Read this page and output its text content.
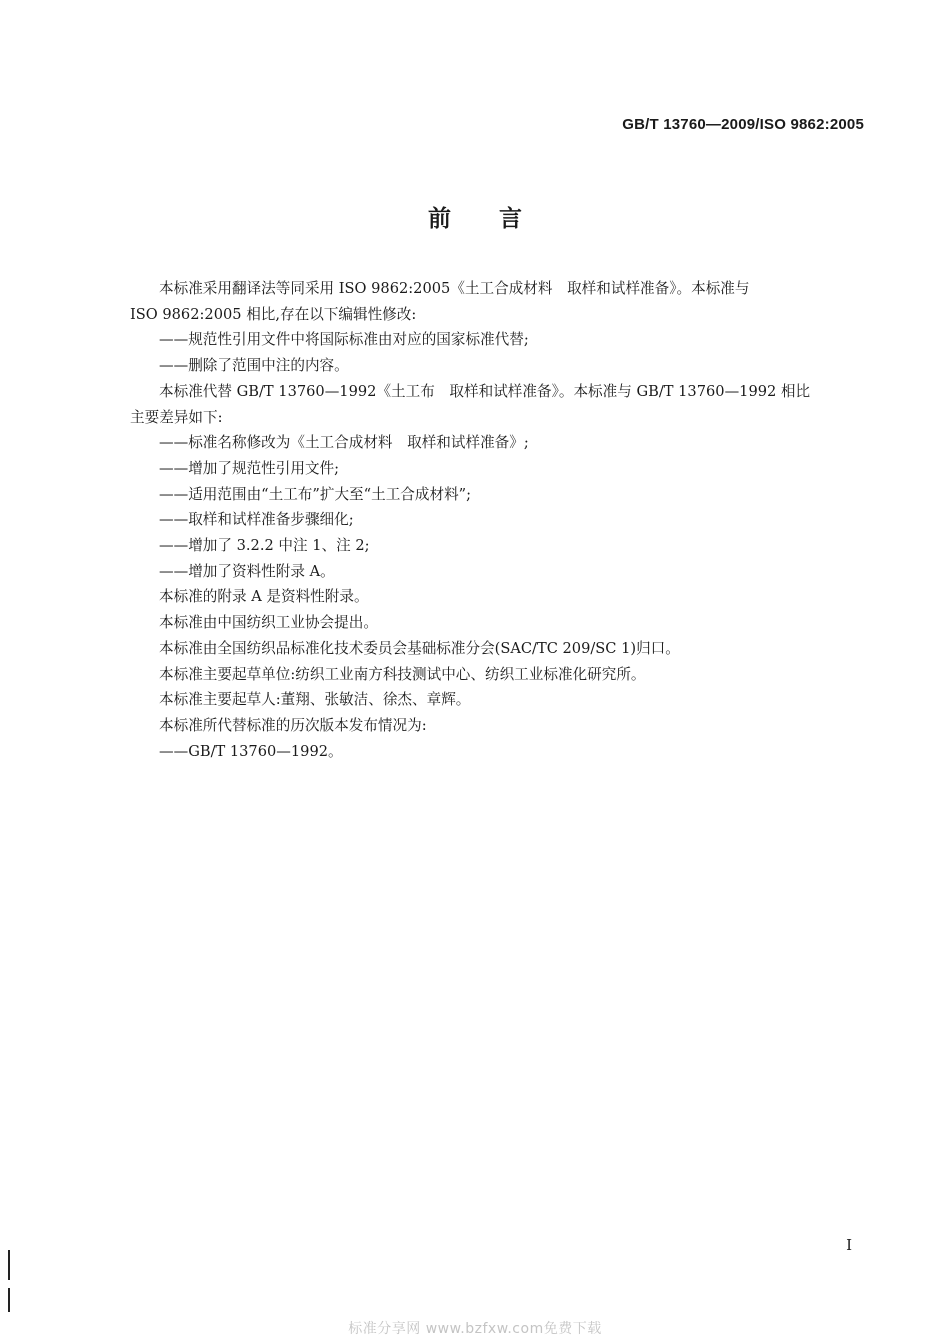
GB/T 13760—2009/ISO 9862:2005
前言

本标准采用翻译法等同采用 ISO 9862:2005《土工合成材料　取样和试样准备》。本标准与

ISO 9862:2005 相比,存在以下编辑性修改:

——规范性引用文件中将国际标准由对应的国家标准代替;

——删除了范围中注的内容。

本标准代替 GB/T 13760—1992《土工布　取样和试样准备》。本标准与 GB/T 13760—1992 相比

主要差异如下:

——标准名称修改为《土工合成材料　取样和试样准备》;

——增加了规范性引用文件;

——适用范围由“土工布”扩大至“土工合成材料”;

——取样和试样准备步骤细化;

——增加了 3.2.2 中注 1、注 2;

——增加了资料性附录 A。

本标准的附录 A 是资料性附录。

本标准由中国纺织工业协会提出。

本标准由全国纺织品标准化技术委员会基础标准分会(SAC/TC 209/SC 1)归口。

本标准主要起草单位:纺织工业南方科技测试中心、纺织工业标准化研究所。

本标准主要起草人:董翔、张敏洁、徐杰、章辉。

本标准所代替标准的历次版本发布情况为:

——GB/T 13760—1992。

I
标准分享网 www.bzfxw.com免费下载
